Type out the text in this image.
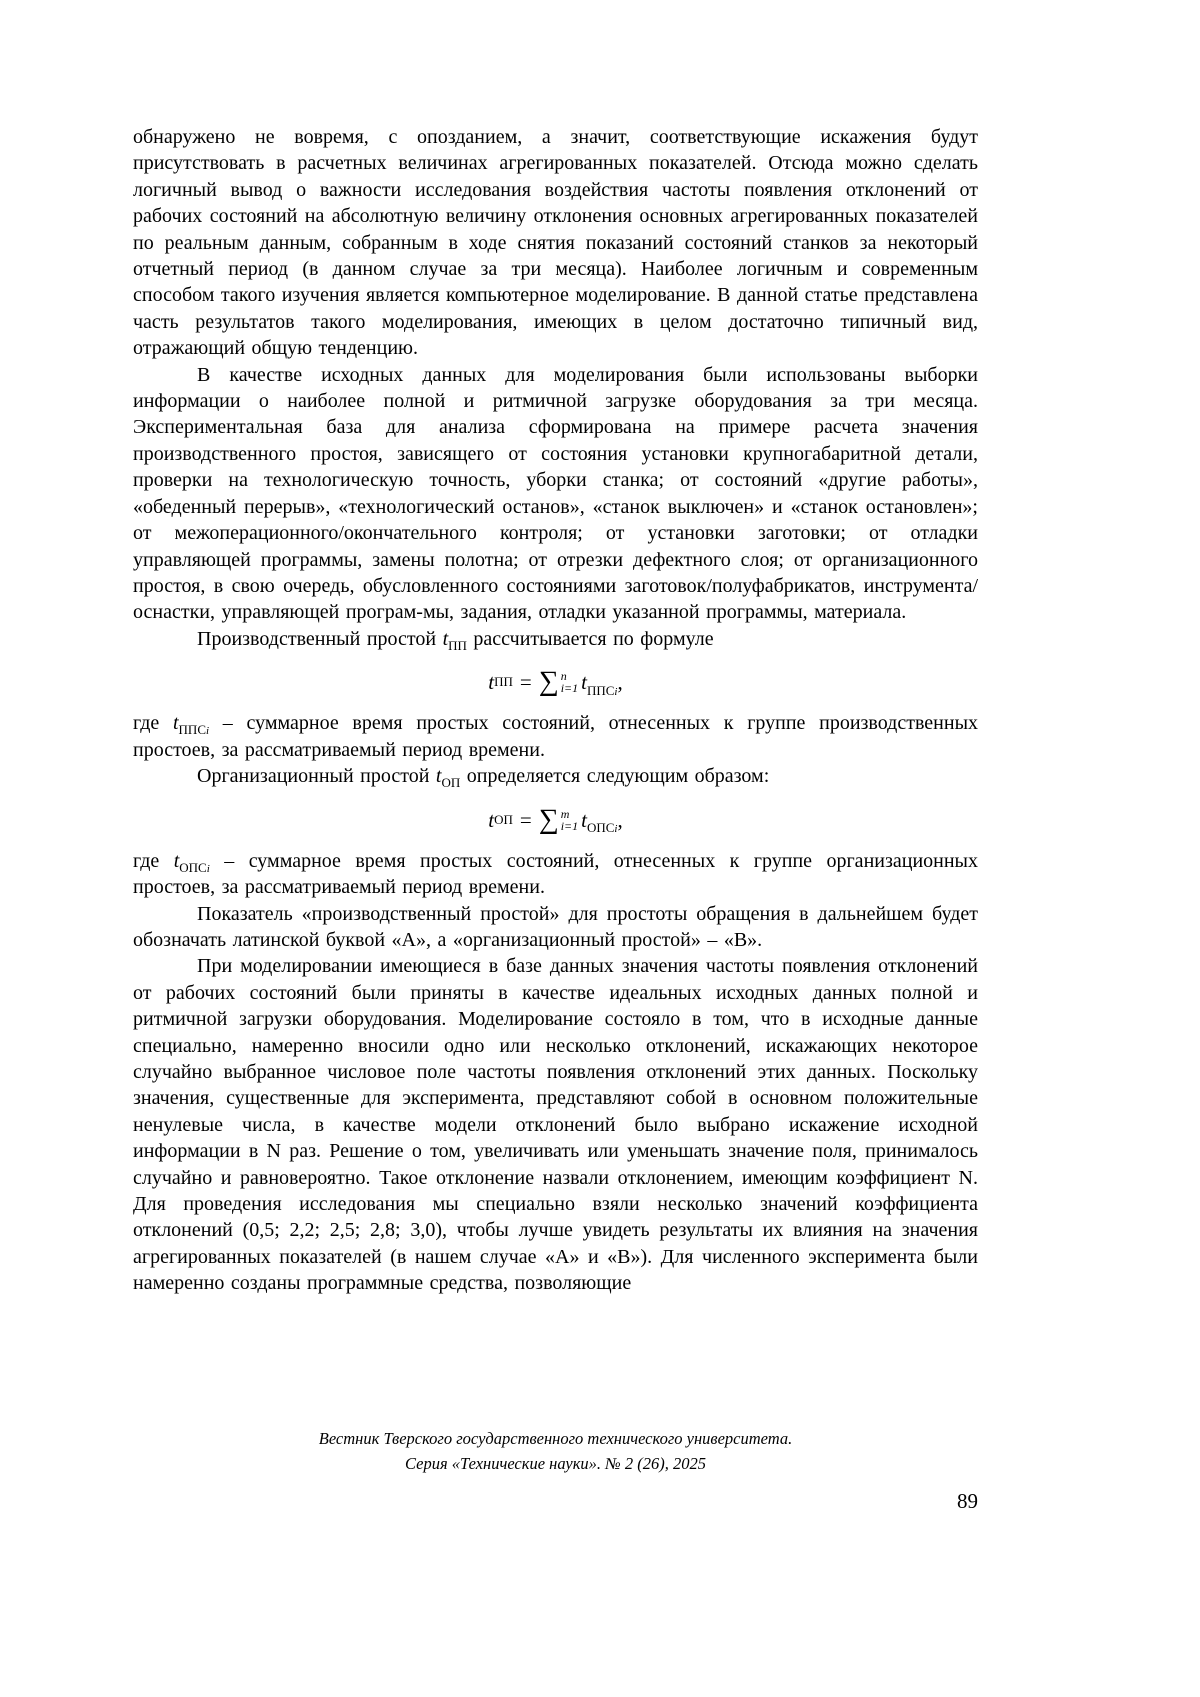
обнаружено не вовремя, с опозданием, а значит, соответствующие искажения будут присутствовать в расчетных величинах агрегированных показателей. Отсюда можно сделать логичный вывод о важности исследования воздействия частоты появления отклонений от рабочих состояний на абсолютную величину отклонения основных агрегированных показателей по реальным данным, собранным в ходе снятия показаний состояний станков за некоторый отчетный период (в данном случае за три месяца). Наиболее логичным и современным способом такого изучения является компьютерное моделирование. В данной статье представлена часть результатов такого моделирования, имеющих в целом достаточно типичный вид, отражающий общую тенденцию.

В качестве исходных данных для моделирования были использованы выборки информации о наиболее полной и ритмичной загрузке оборудования за три месяца. Экспериментальная база для анализа сформирована на примере расчета значения производственного простоя, зависящего от состояния установки крупногабаритной детали, проверки на технологическую точность, уборки станка; от состояний «другие работы», «обеденный перерыв», «технологический останов», «станок выключен» и «станок остановлен»; от межоперационного/окончательного контроля; от установки заготовки; от отладки управляющей программы, замены полотна; от отрезки дефектного слоя; от организационного простоя, в свою очередь, обусловленного состояниями заготовок/полуфабрикатов, инструмента/оснастки, управляющей програм-мы, задания, отладки указанной программы, материала.

Производственный простой $t_{ПП}$ рассчитывается по формуле

t ПП = ∑ n
i=1 $t_{ППСi}$ ,

где $t_{ППСi}$ – суммарное время простых состояний, отнесенных к группе производственных простоев, за рассматриваемый период времени.

Организационный простой $t_{ОП}$ определяется следующим образом:

t ОП = ∑ m
i=1 $t_{ОПСi}$ ,

где $t_{ОПСi}$ – суммарное время простых состояний, отнесенных к группе организационных простоев, за рассматриваемый период времени.

Показатель «производственный простой» для простоты обращения в дальнейшем будет обозначать латинской буквой «А», а «организационный простой» – «В».

При моделировании имеющиеся в базе данных значения частоты появления отклонений от рабочих состояний были приняты в качестве идеальных исходных данных полной и ритмичной загрузки оборудования. Моделирование состояло в том, что в исходные данные специально, намеренно вносили одно или несколько отклонений, искажающих некоторое случайно выбранное числовое поле частоты появления отклонений этих данных. Поскольку значения, существенные для эксперимента, представляют собой в основном положительные ненулевые числа, в качестве модели отклонений было выбрано искажение исходной информации в N раз. Решение о том, увеличивать или уменьшать значение поля, принималось случайно и равновероятно. Такое отклонение назвали отклонением, имеющим коэффициент N. Для проведения исследования мы специально взяли несколько значений коэффициента отклонений (0,5; 2,2; 2,5; 2,8; 3,0), чтобы лучше увидеть результаты их влияния на значения агрегированных показателей (в нашем случае «А» и «В»). Для численного эксперимента были намеренно созданы программные средства, позволяющие

Вестник Тверского государственного технического университета.
Серия «Технические науки». № 2 (26), 2025
89
